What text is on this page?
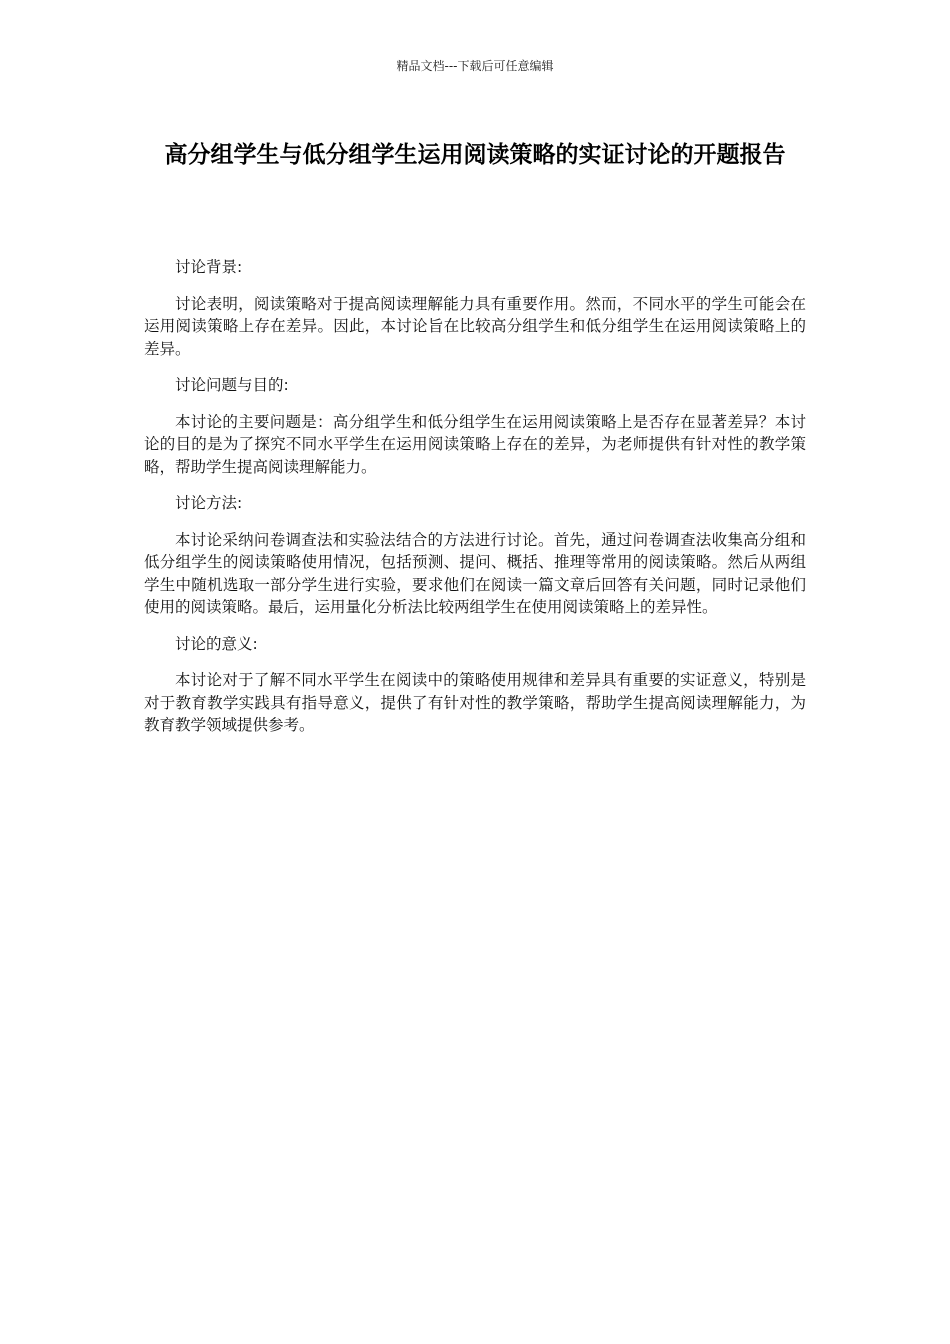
精品文档---下载后可任意编辑
高分组学生与低分组学生运用阅读策略的实证讨论的开题报告

讨论背景:

讨论表明，阅读策略对于提高阅读理解能力具有重要作用。然而，不同水平的学生可能会在运用阅读策略上存在差异。因此，本讨论旨在比较高分组学生和低分组学生在运用阅读策略上的差异。

讨论问题与目的:

本讨论的主要问题是：高分组学生和低分组学生在运用阅读策略上是否存在显著差异？本讨论的目的是为了探究不同水平学生在运用阅读策略上存在的差异，为老师提供有针对性的教学策略，帮助学生提高阅读理解能力。

讨论方法:

本讨论采纳问卷调查法和实验法结合的方法进行讨论。首先，通过问卷调查法收集高分组和低分组学生的阅读策略使用情况，包括预测、提问、概括、推理等常用的阅读策略。然后从两组学生中随机选取一部分学生进行实验，要求他们在阅读一篇文章后回答有关问题，同时记录他们使用的阅读策略。最后，运用量化分析法比较两组学生在使用阅读策略上的差异性。

讨论的意义:

本讨论对于了解不同水平学生在阅读中的策略使用规律和差异具有重要的实证意义，特别是对于教育教学实践具有指导意义，提供了有针对性的教学策略，帮助学生提高阅读理解能力，为教育教学领域提供参考。
